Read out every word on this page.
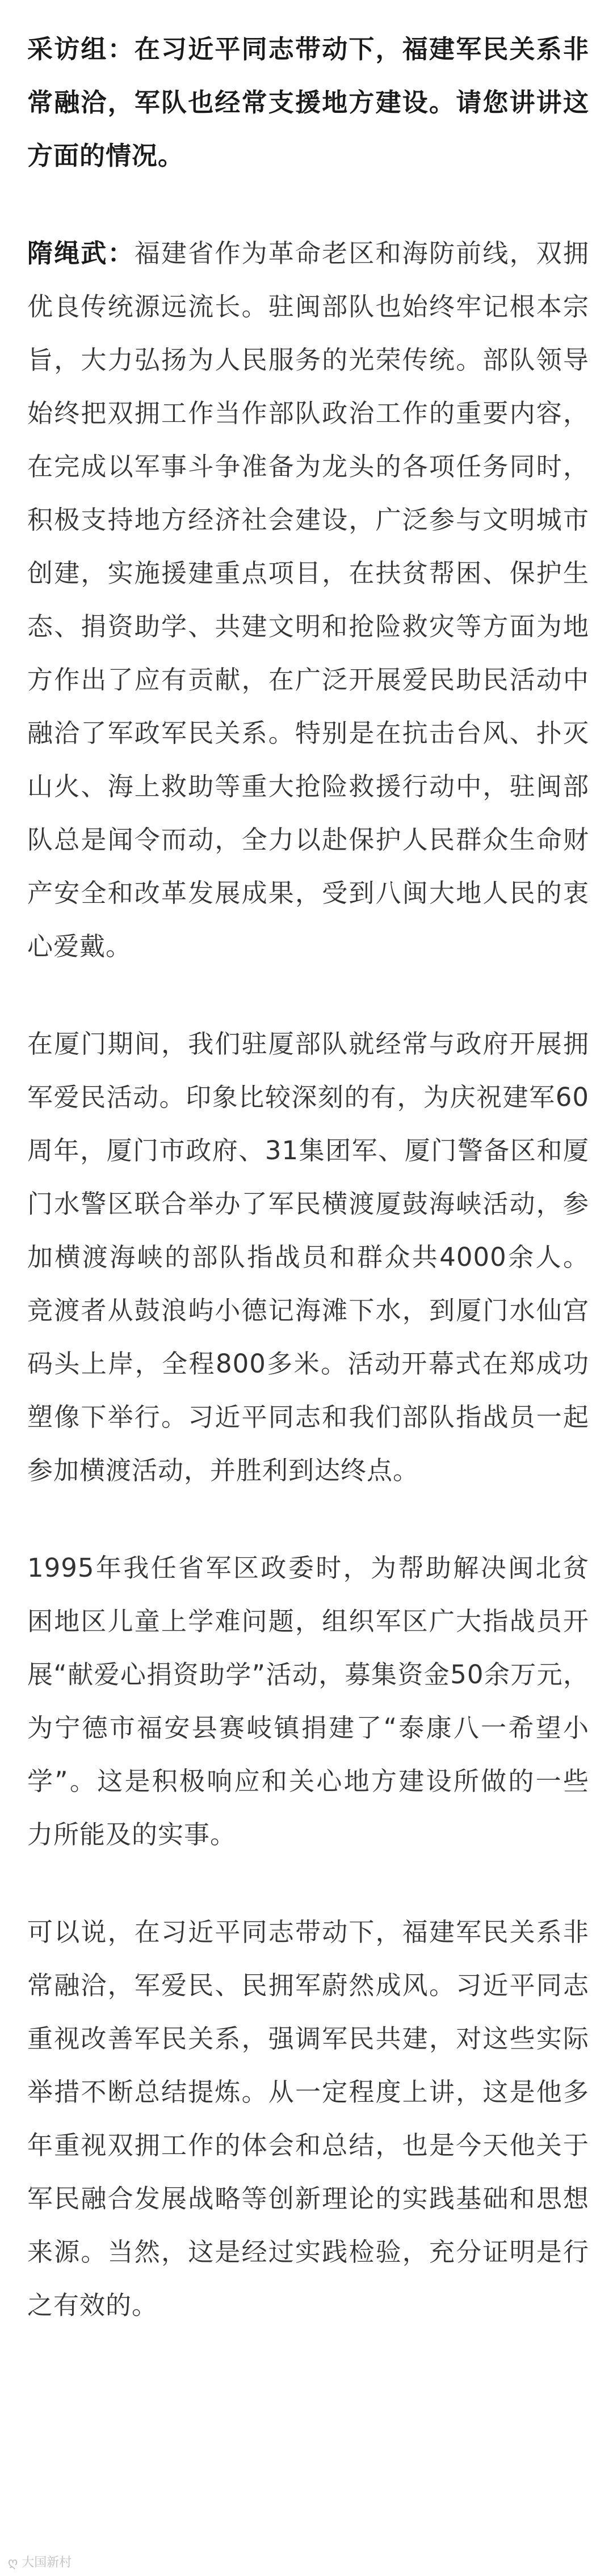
采访组：在习近平同志带动下，福建军民关系非常融洽，军队也经常支援地方建设。请您讲讲这方面的情况。

隋绳武：福建省作为革命老区和海防前线，双拥优良传统源远流长。驻闽部队也始终牢记根本宗旨，大力弘扬为人民服务的光荣传统。部队领导始终把双拥工作当作部队政治工作的重要内容，在完成以军事斗争准备为龙头的各项任务同时，积极支持地方经济社会建设，广泛参与文明城市创建，实施援建重点项目，在扶贫帮困、保护生态、捐资助学、共建文明和抢险救灾等方面为地方作出了应有贡献，在广泛开展爱民助民活动中融洽了军政军民关系。特别是在抗击台风、扑灭山火、海上救助等重大抢险救援行动中，驻闽部队总是闻令而动，全力以赴保护人民群众生命财产安全和改革发展成果，受到八闽大地人民的衷心爱戴。

在厦门期间，我们驻厦部队就经常与政府开展拥军爱民活动。印象比较深刻的有，为庆祝建军60周年，厦门市政府、31集团军、厦门警备区和厦门水警区联合举办了军民横渡厦鼓海峡活动，参加横渡海峡的部队指战员和群众共4000余人。竞渡者从鼓浪屿小德记海滩下水，到厦门水仙宫码头上岸，全程800多米。活动开幕式在郑成功塑像下举行。习近平同志和我们部队指战员一起参加横渡活动，并胜利到达终点。

1995年我任省军区政委时，为帮助解决闽北贫困地区儿童上学难问题，组织军区广大指战员开展“献爱心捐资助学”活动，募集资金50余万元，为宁德市福安县赛岐镇捐建了“泰康八一希望小学”。这是积极响应和关心地方建设所做的一些力所能及的实事。

可以说，在习近平同志带动下，福建军民关系非常融洽，军爱民、民拥军蔚然成风。习近平同志重视改善军民关系，强调军民共建，对这些实际举措不断总结提炼。从一定程度上讲，这是他多年重视双拥工作的体会和总结，也是今天他关于军民融合发展战略等创新理论的实践基础和思想来源。当然，这是经过实践检验，充分证明是行之有效的。

ღ 大国新村
